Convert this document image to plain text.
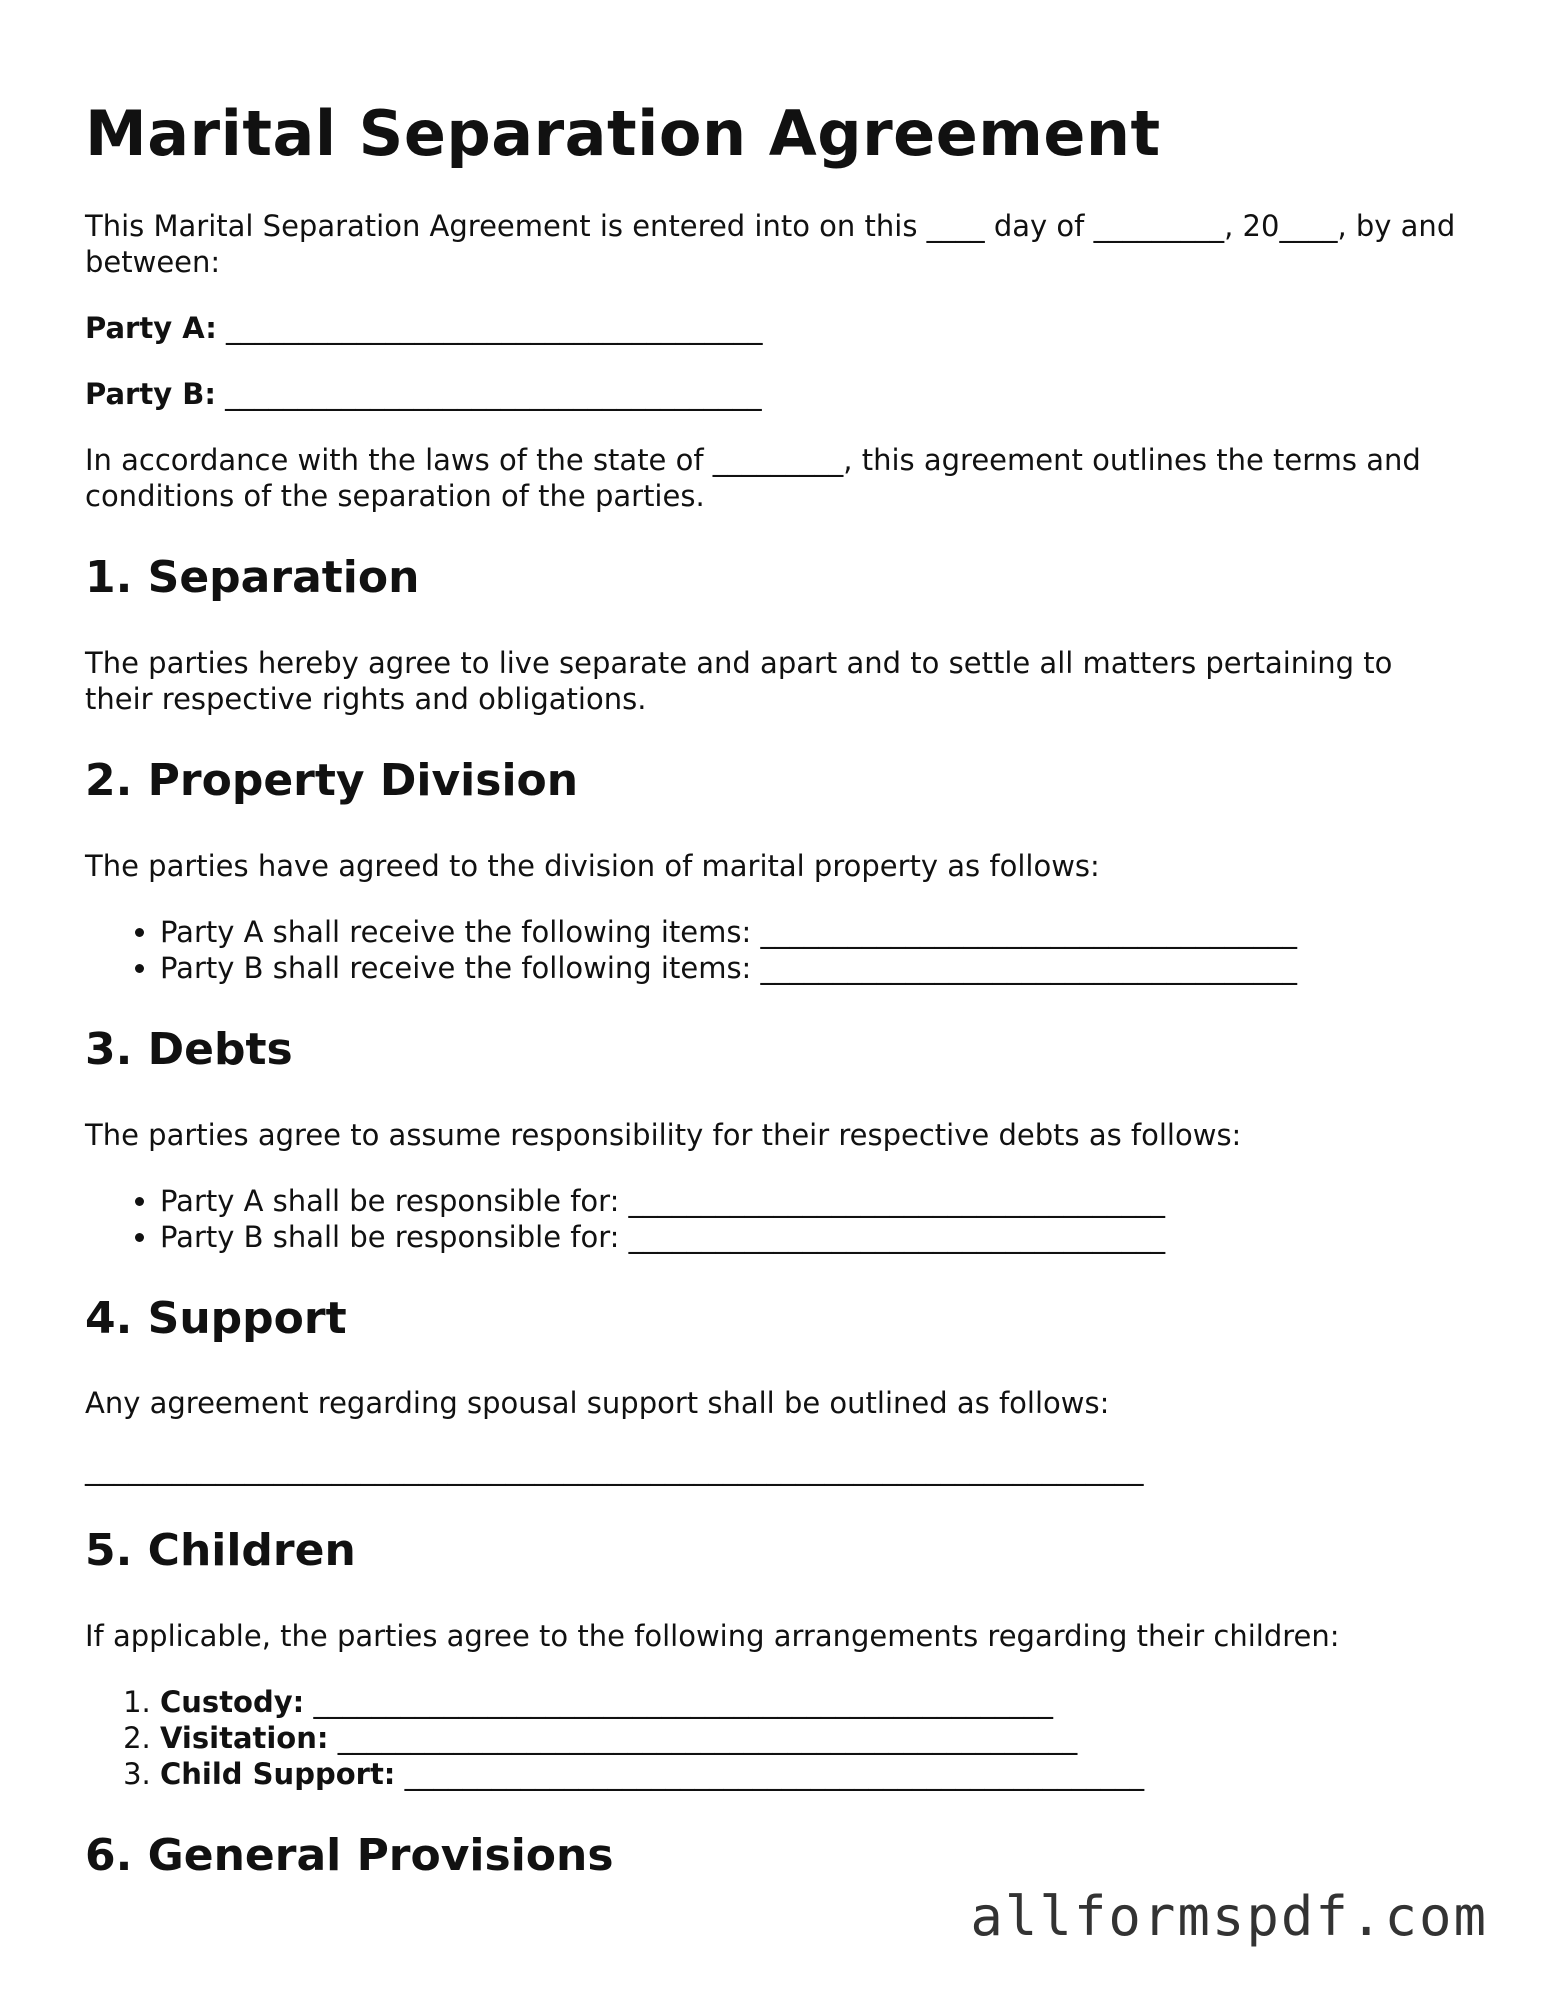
Marital Separation Agreement

This Marital Separation Agreement is entered into on this ____ day of _________, 20____, by and between:

Party A: _____________________________________
Party B: _____________________________________

In accordance with the laws of the state of _________, this agreement outlines the terms and conditions of the separation of the parties.

1. Separation

The parties hereby agree to live separate and apart and to settle all matters pertaining to their respective rights and obligations.

2. Property Division

The parties have agreed to the division of marital property as follows:

• Party A shall receive the following items: _____________________________________
• Party B shall receive the following items: _____________________________________
3. Debts

The parties agree to assume responsibility for their respective debts as follows:

• Party A shall be responsible for: _____________________________________
• Party B shall be responsible for: _____________________________________
4. Support

Any agreement regarding spousal support shall be outlined as follows:

_________________________________________________________________________
5. Children

If applicable, the parties agree to the following arrangements regarding their children:

1. Custody: ___________________________________________________
2. Visitation: ___________________________________________________
3. Child Support: ___________________________________________________
6. General Provisions
allformspdf.com
